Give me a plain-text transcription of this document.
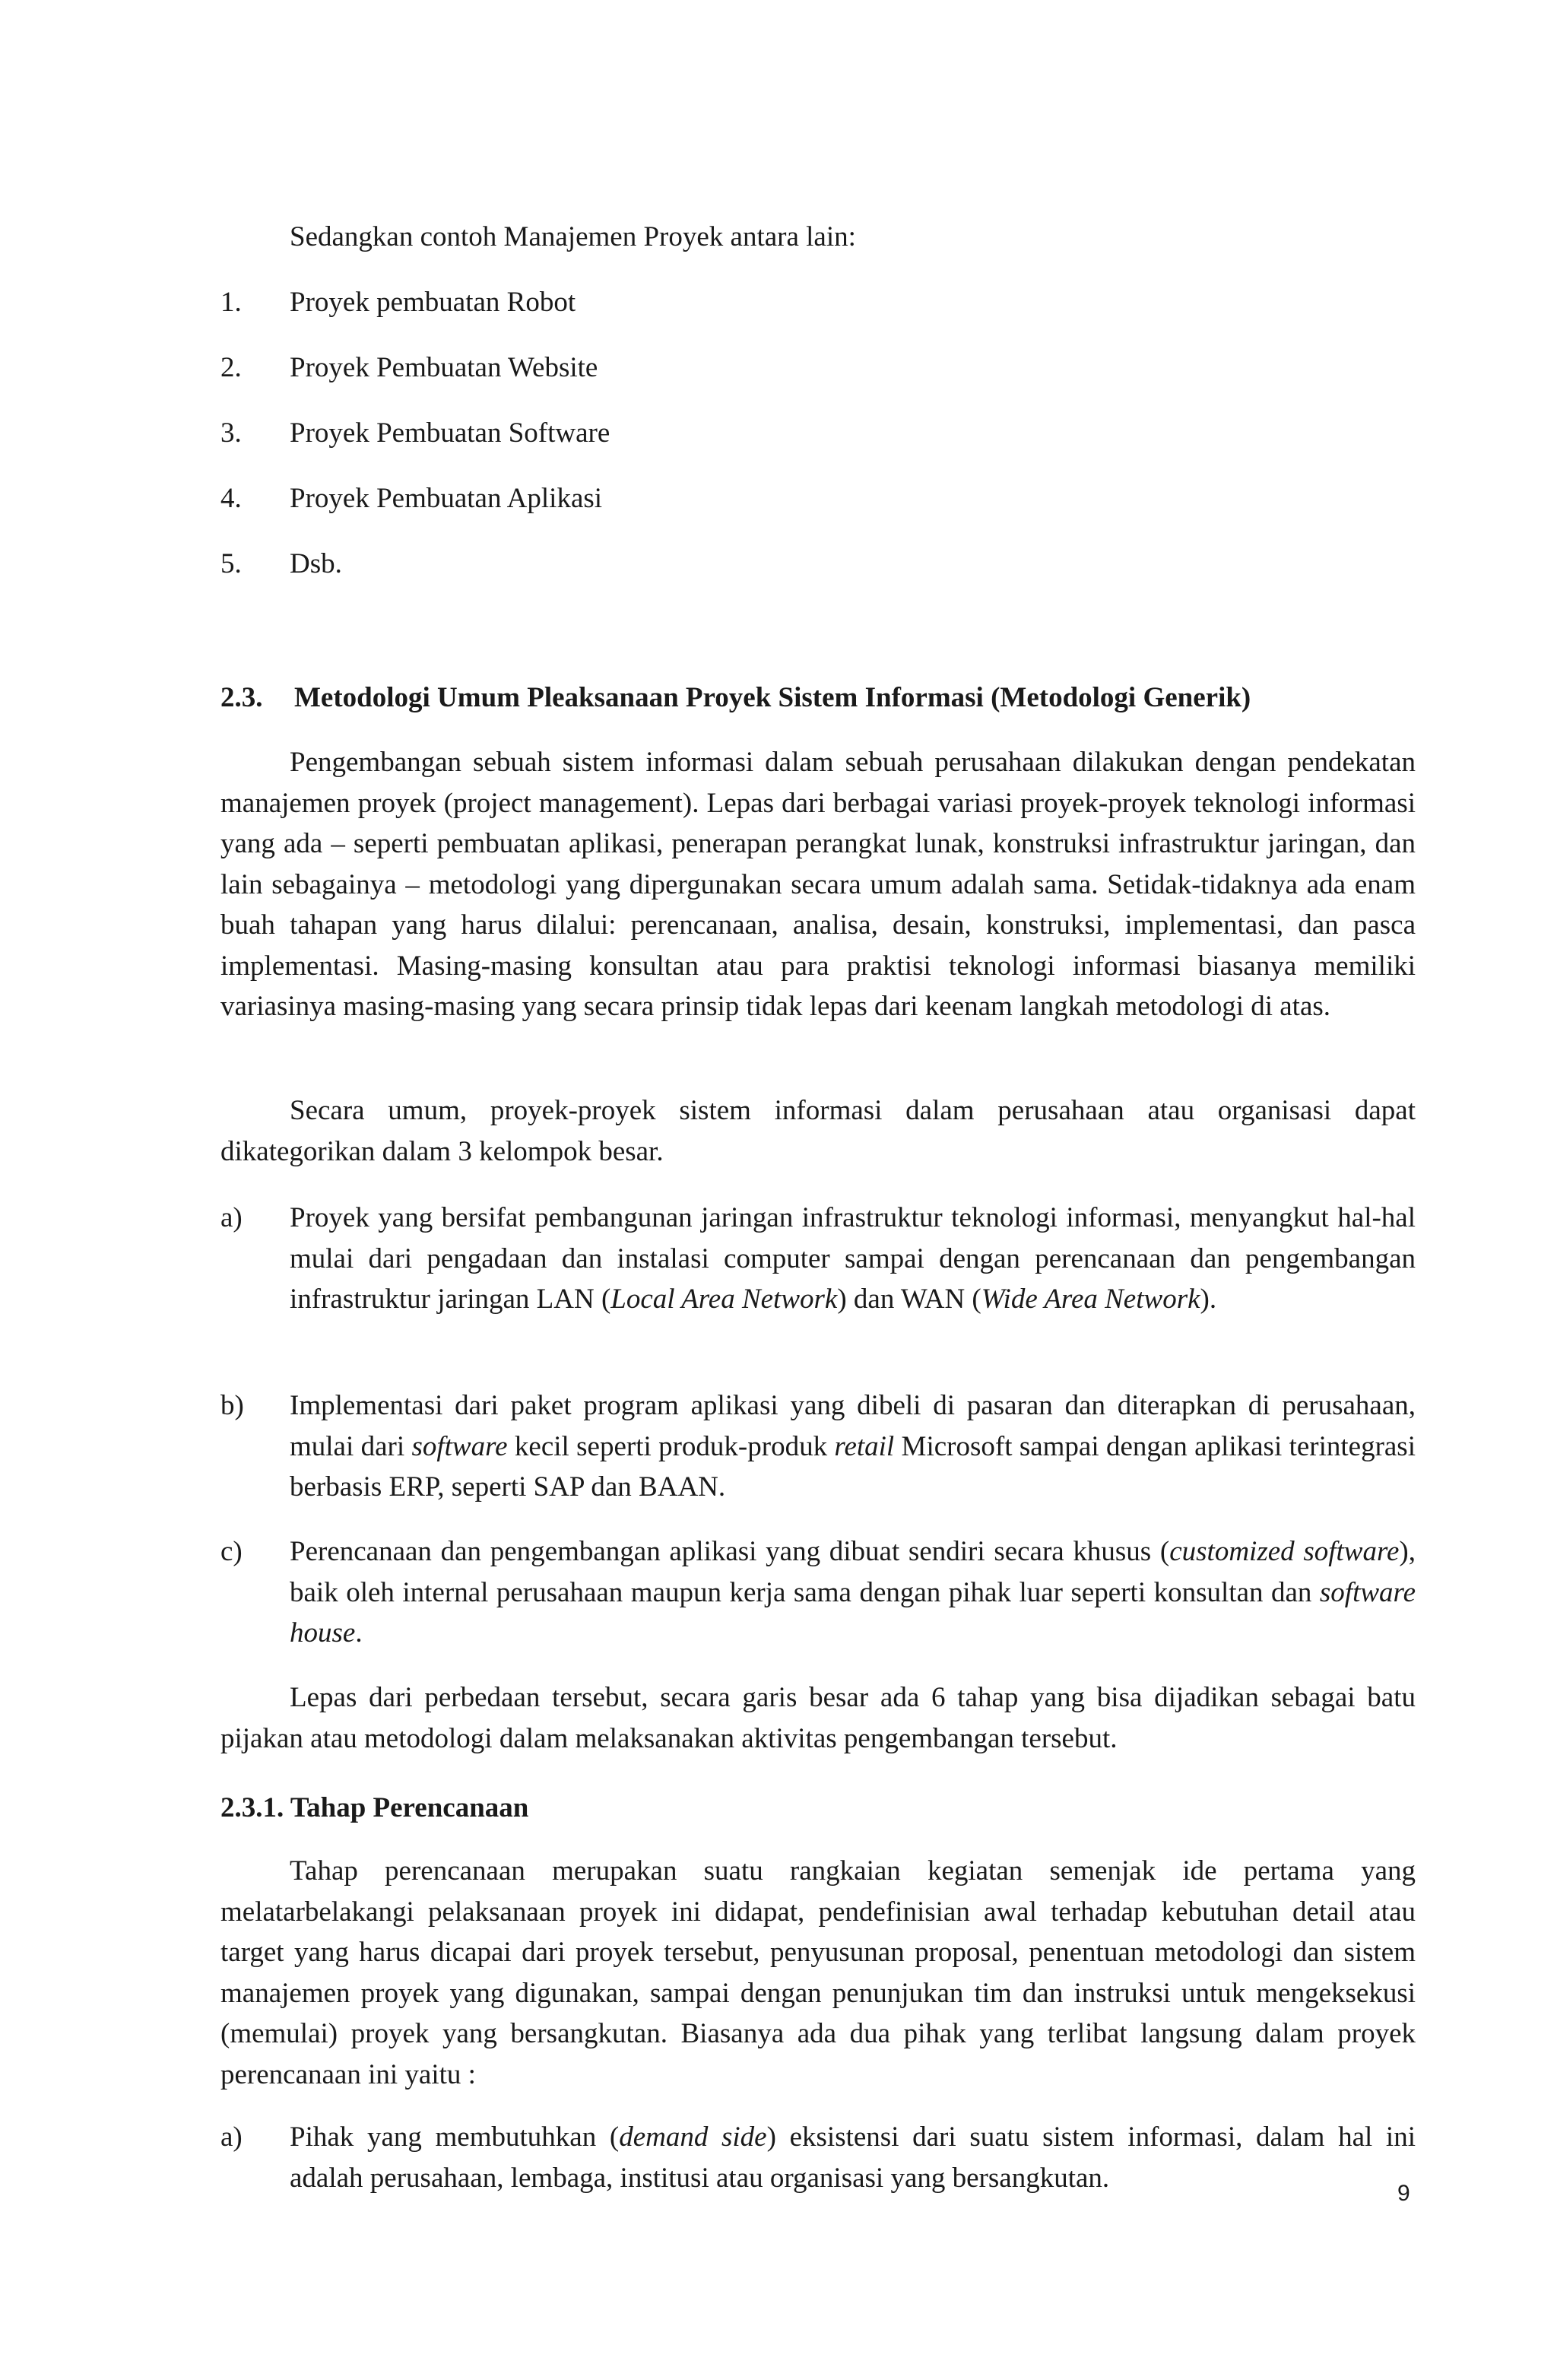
Sedangkan contoh Manajemen Proyek antara lain:
1. Proyek pembuatan Robot
2. Proyek Pembuatan Website
3. Proyek Pembuatan Software
4. Proyek Pembuatan Aplikasi
5. Dsb.
2.3. Metodologi Umum Pleaksanaan Proyek Sistem Informasi (Metodologi Generik)

Pengembangan sebuah sistem informasi dalam sebuah perusahaan dilakukan dengan pendekatan manajemen proyek (project management). Lepas dari berbagai variasi proyek-proyek teknologi informasi yang ada – seperti pembuatan aplikasi, penerapan perangkat lunak, konstruksi infrastruktur jaringan, dan lain sebagainya – metodologi yang dipergunakan secara umum adalah sama. Setidak-tidaknya ada enam buah tahapan yang harus dilalui: perencanaan, analisa, desain, konstruksi, implementasi, dan pasca implementasi. Masing-masing konsultan atau para praktisi teknologi informasi biasanya memiliki variasinya masing-masing yang secara prinsip tidak lepas dari keenam langkah metodologi di atas.

Secara umum, proyek-proyek sistem informasi dalam perusahaan atau organisasi dapat dikategorikan dalam 3 kelompok besar.

a) Proyek yang bersifat pembangunan jaringan infrastruktur teknologi informasi, menyangkut hal-hal mulai dari pengadaan dan instalasi computer sampai dengan perencanaan dan pengembangan infrastruktur jaringan LAN (Local Area Network) dan WAN (Wide Area Network).
b) Implementasi dari paket program aplikasi yang dibeli di pasaran dan diterapkan di perusahaan, mulai dari software kecil seperti produk-produk retail Microsoft sampai dengan aplikasi terintegrasi berbasis ERP, seperti SAP dan BAAN.
c) Perencanaan dan pengembangan aplikasi yang dibuat sendiri secara khusus (customized software), baik oleh internal perusahaan maupun kerja sama dengan pihak luar seperti konsultan dan software house.

Lepas dari perbedaan tersebut, secara garis besar ada 6 tahap yang bisa dijadikan sebagai batu pijakan atau metodologi dalam melaksanakan aktivitas pengembangan tersebut.

2.3.1. Tahap Perencanaan

Tahap perencanaan merupakan suatu rangkaian kegiatan semenjak ide pertama yang melatarbelakangi pelaksanaan proyek ini didapat, pendefinisian awal terhadap kebutuhan detail atau target yang harus dicapai dari proyek tersebut, penyusunan proposal, penentuan metodologi dan sistem manajemen proyek yang digunakan, sampai dengan penunjukan tim dan instruksi untuk mengeksekusi (memulai) proyek yang bersangkutan. Biasanya ada dua pihak yang terlibat langsung dalam proyek perencanaan ini yaitu :

a) Pihak yang membutuhkan (demand side) eksistensi dari suatu sistem informasi, dalam hal ini adalah perusahaan, lembaga, institusi atau organisasi yang bersangkutan.	9
